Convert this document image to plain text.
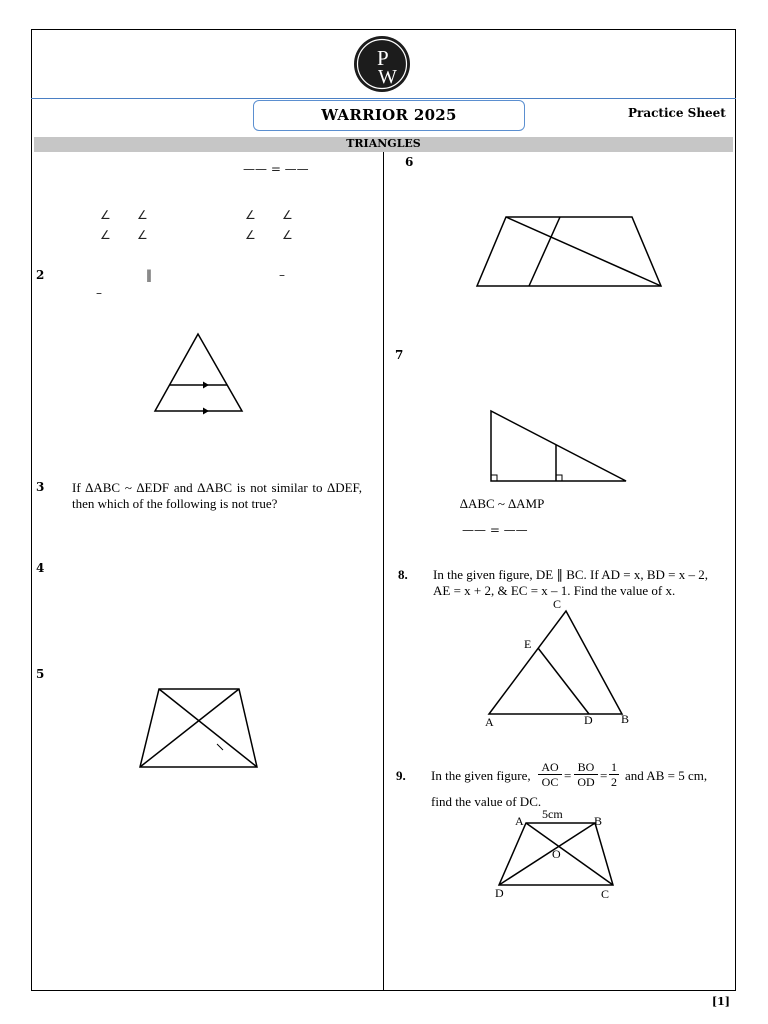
P
W
WARRIOR 2025	Practice Sheet
TRIANGLES
—— = ——
∠ ∠	∠ ∠
∠ ∠	∠ ∠
2	‖	–
–
3 If ∆ABC ~ ∆EDF and ∆ABC is not similar to ∆DEF, then which of the following is not true?
4
5
6
7
∆ABC ~ ∆AMP
—— = ——
8. In the given figure, DE ∥ BC. If AD = x, BD = x – 2, AE = x + 2, & EC = x – 1. Find the value of x.
C
E
A	D B
9. In the given figure, $\frac{AO}{OC} = \frac{BO}{OD} = \frac{1}{2}$ and AB = 5 cm,
find the value of DC.
5cm
A	B
O
D	C
[1]
